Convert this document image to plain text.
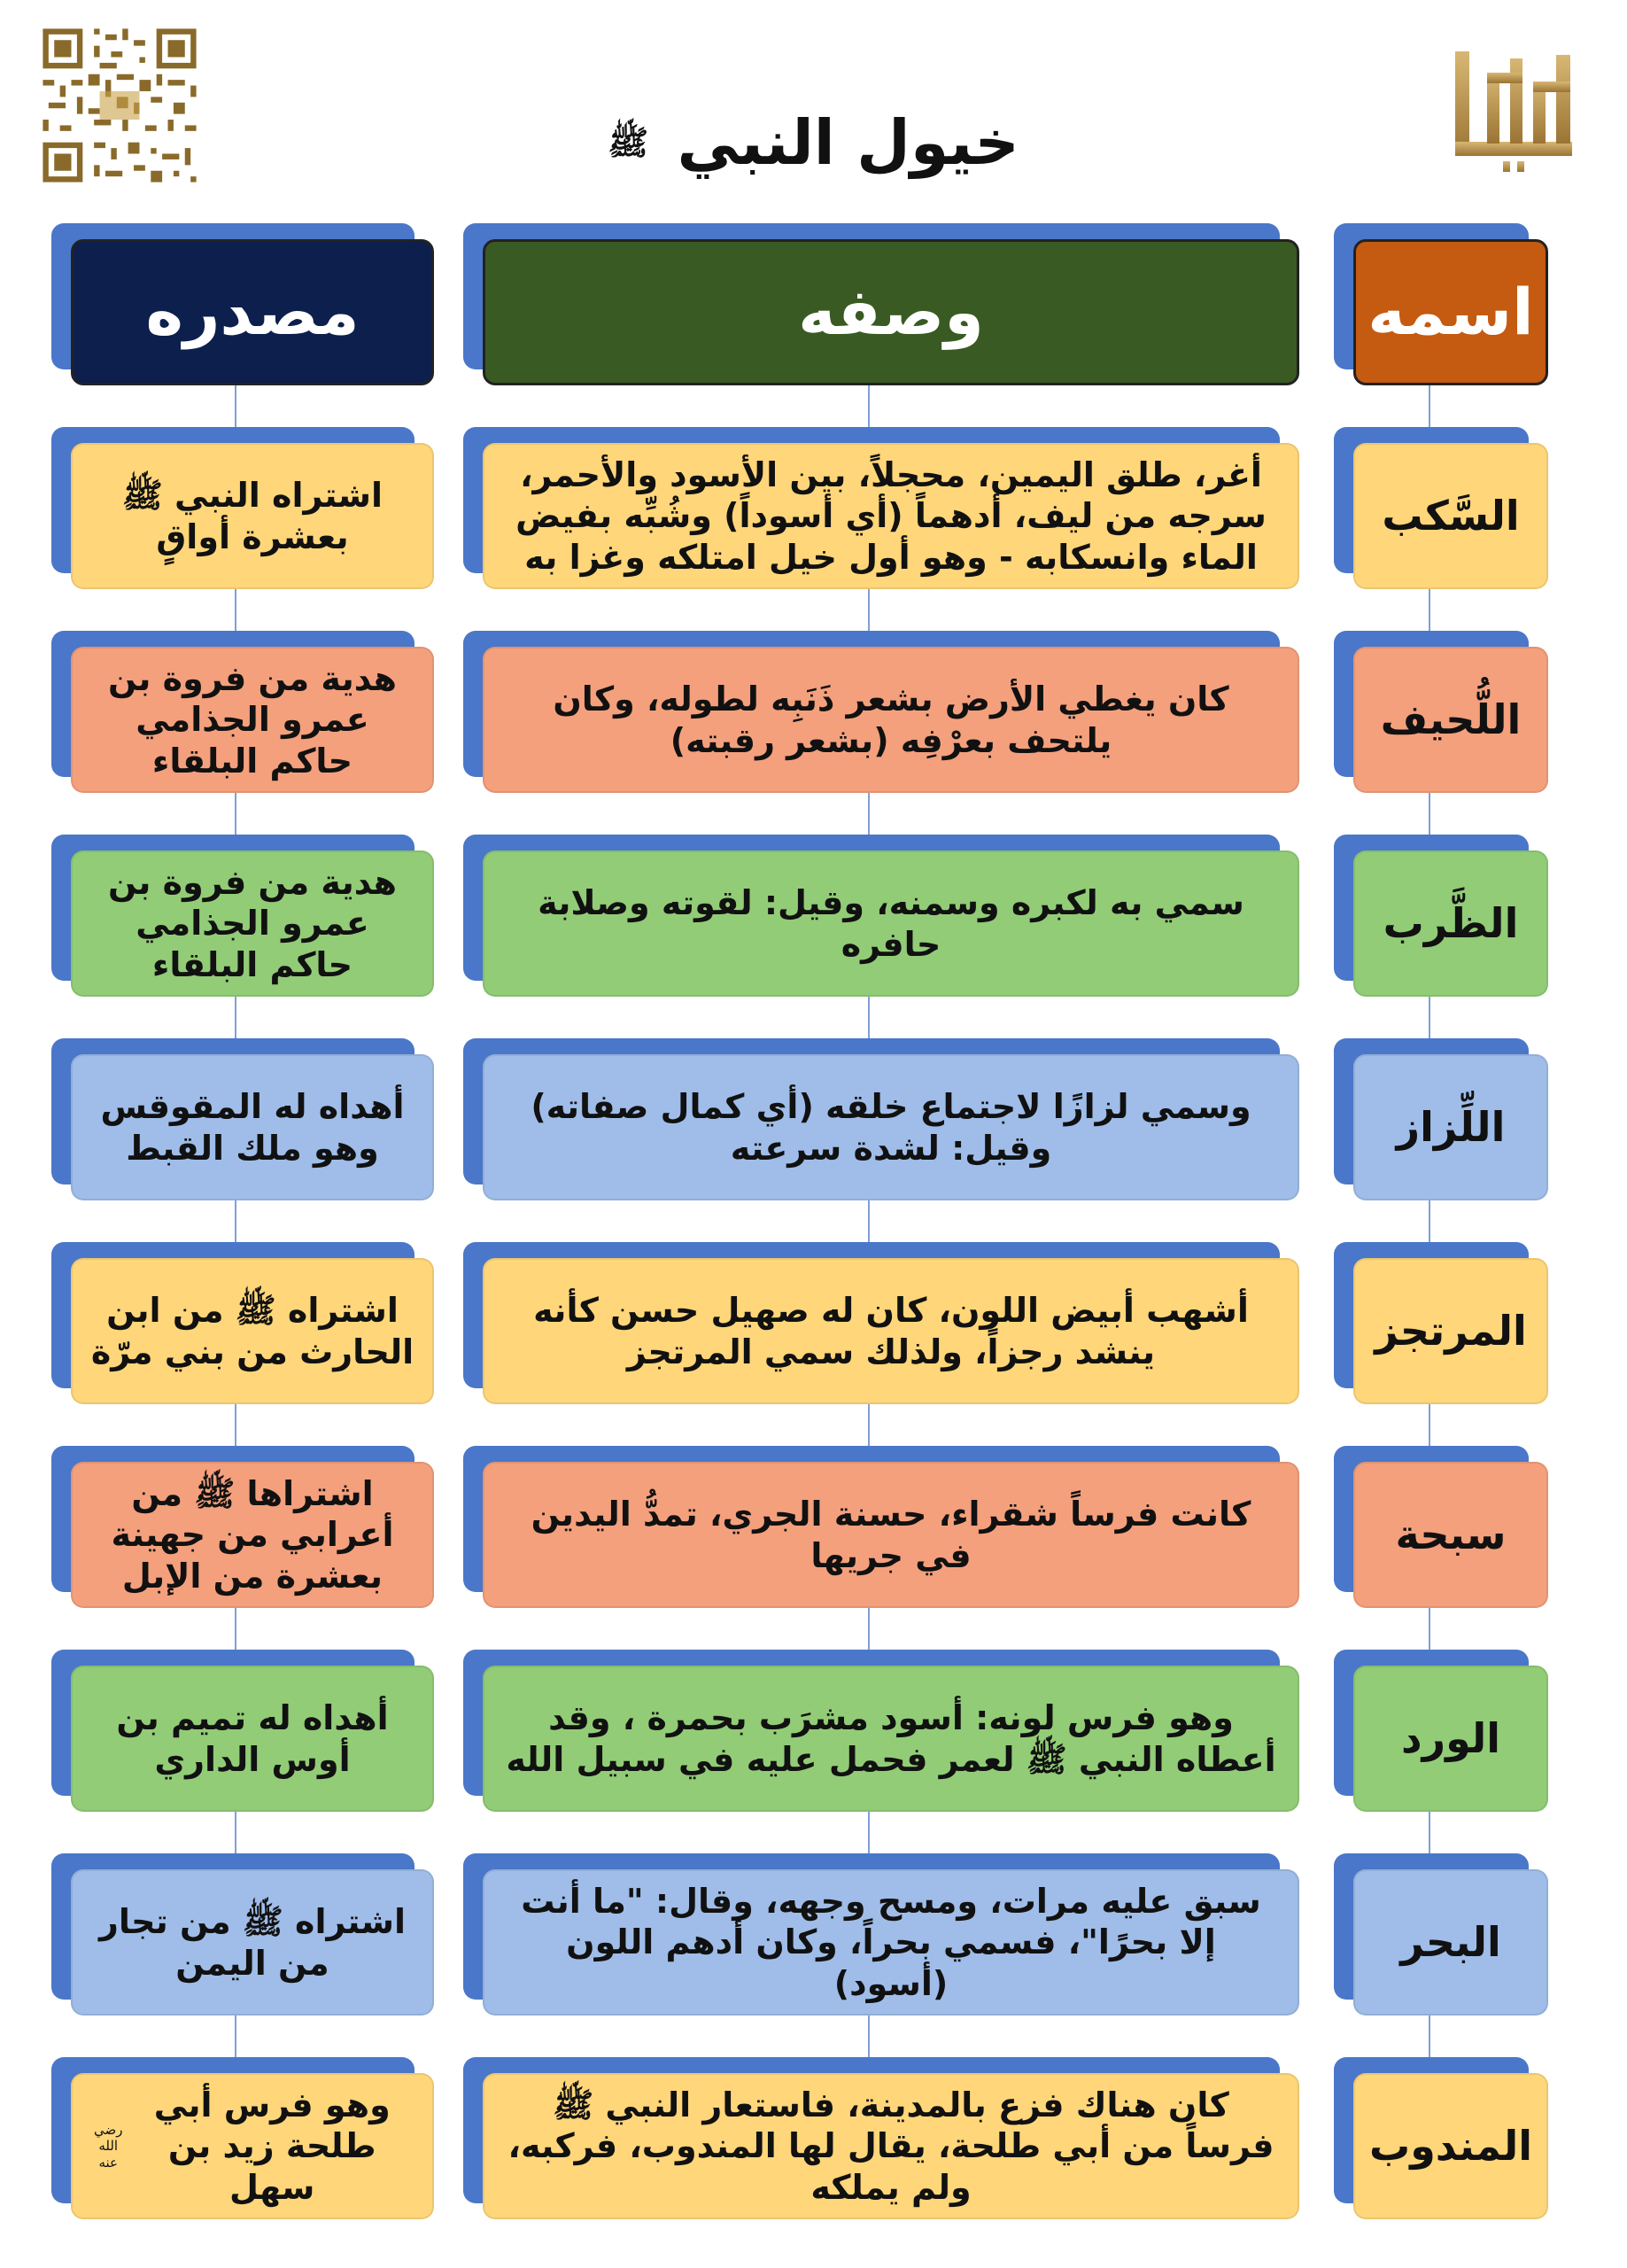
خيول النبي ﷺ
اسمه
وصفه
مصدره
السَّكب
أغر، طلق اليمين، محجلاً، بين الأسود والأحمر، سرجه من ليف، أدهماً (أي أسوداً) وشُبِّه بفيض الماء وانسكابه - وهو أول خيل امتلكه وغزا به
اشتراه النبي ﷺ بعشرة أواقٍ
اللُّحيف
كان يغطي الأرض بشعر ذَنَبِه لطوله، وكان يلتحف بعرْفِه (بشعر رقبته)
هدية من فروة بن عمرو الجذامي حاكم البلقاء
الظَّرب
سمي به لكبره وسمنه، وقيل: لقوته وصلابة حافره
هدية من فروة بن عمرو الجذامي حاكم البلقاء
اللِّزاز
وسمي لزازًا لاجتماع خلقه (أي كمال صفاته) وقيل: لشدة سرعته
أهداه له المقوقس وهو ملك القبط
المرتجز
أشهب أبيض اللون، كان له صهيل حسن كأنه ينشد رجزاً، ولذلك سمي المرتجز
اشتراه ﷺ من ابن الحارث من بني مرّة
سبحة
كانت فرساً شقراء، حسنة الجري، تمدُّ اليدين في جريها
اشتراها ﷺ من أعرابي من جهينة بعشرة من الإبل
الورد
وهو فرس لونه: أسود مشرَب بحمرة ، وقد أعطاه النبي ﷺ لعمر فحمل عليه في سبيل الله
أهداه له تميم بن أوس الداري
البحر
سبق عليه مرات، ومسح وجهه، وقال: "ما أنت إلا بحرًا"، فسمي بحراً، وكان أدهم اللون (أسود)
اشتراه ﷺ من تجار من اليمن
المندوب
كان هناك فزع بالمدينة، فاستعار النبي ﷺ فرساً من أبي طلحة، يقال لها المندوب، فركبه، ولم يملكه
وهو فرس أبي طلحة زيد بن سهل
رضي الله عنه
